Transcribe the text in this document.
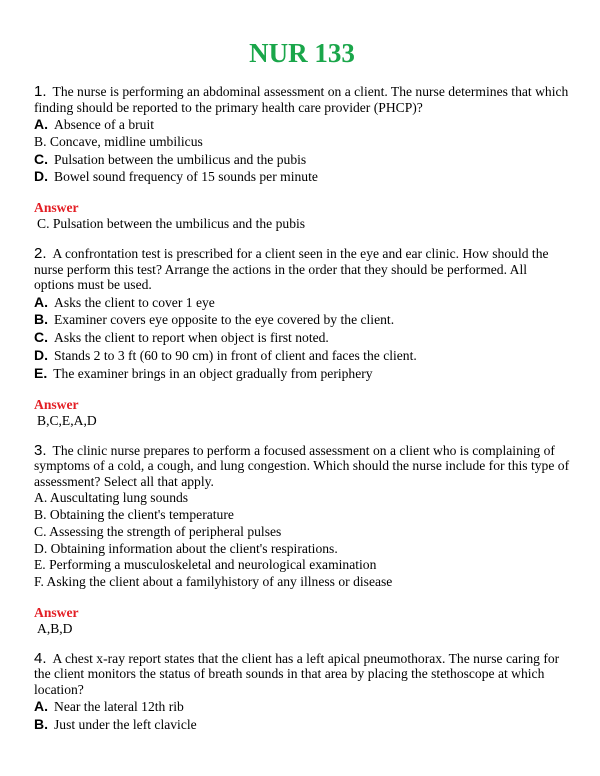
NUR 133

1. The nurse is performing an abdominal assessment on a client. The nurse determines that which finding should be reported to the primary health care provider (PHCP)?

A. Absence of a bruit
B. Concave, midline umbilicus
C. Pulsation between the umbilicus and the pubis
D. Bowel sound frequency of 15 sounds per minute

Answer

C. Pulsation between the umbilicus and the pubis

2. A confrontation test is prescribed for a client seen in the eye and ear clinic. How should the nurse perform this test? Arrange the actions in the order that they should be performed. All options must be used.

A. Asks the client to cover 1 eye
B. Examiner covers eye opposite to the eye covered by the client.
C. Asks the client to report when object is first noted.
D. Stands 2 to 3 ft (60 to 90 cm) in front of client and faces the client.
E. The examiner brings in an object gradually from periphery

Answer

B,C,E,A,D

3. The clinic nurse prepares to perform a focused assessment on a client who is complaining of symptoms of a cold, a cough, and lung congestion. Which should the nurse include for this type of assessment? Select all that apply.

A. Auscultating lung sounds
B. Obtaining the client's temperature
C. Assessing the strength of peripheral pulses
D. Obtaining information about the client's respirations.
E. Performing a musculoskeletal and neurological examination
F. Asking the client about a familyhistory of any illness or disease

Answer

A,B,D

4. A chest x-ray report states that the client has a left apical pneumothorax. The nurse caring for the client monitors the status of breath sounds in that area by placing the stethoscope at which location?

A. Near the lateral 12th rib
B. Just under the left clavicle
